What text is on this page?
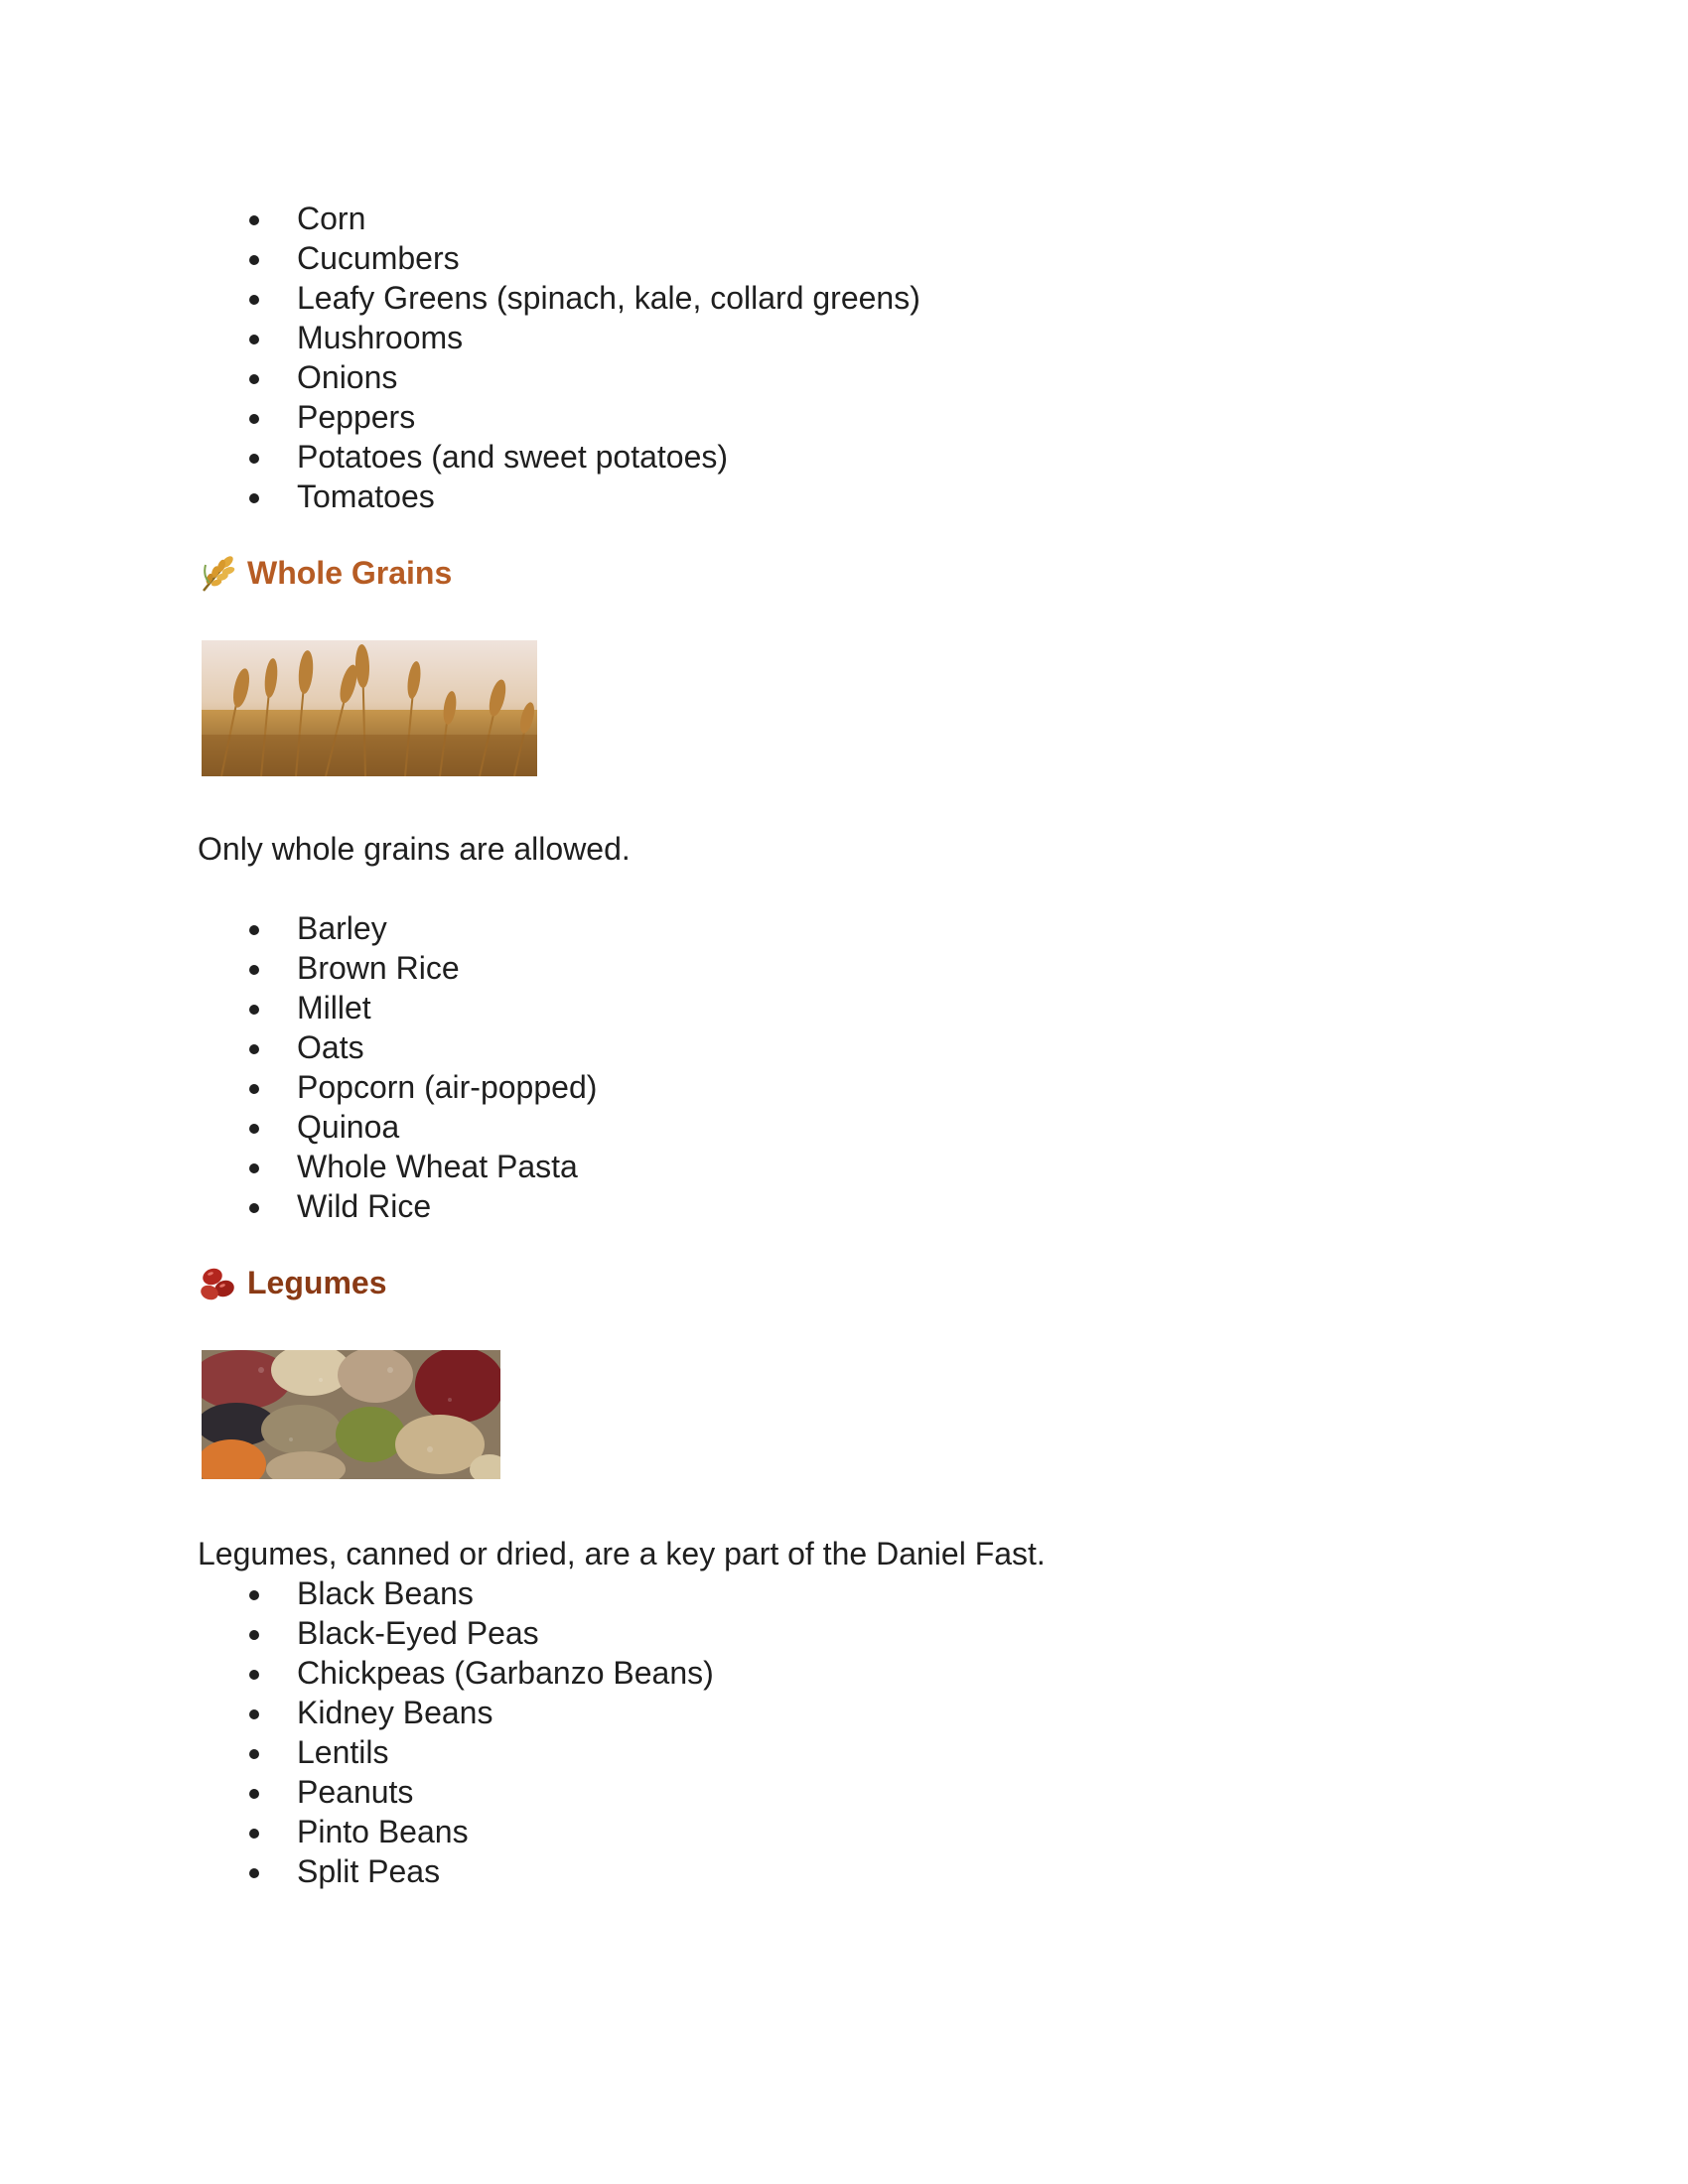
Corn
Cucumbers
Leafy Greens (spinach, kale, collard greens)
Mushrooms
Onions
Peppers
Potatoes (and sweet potatoes)
Tomatoes
Whole Grains
Only whole grains are allowed.
Barley
Brown Rice
Millet
Oats
Popcorn (air-popped)
Quinoa
Whole Wheat Pasta
Wild Rice
Legumes
Legumes, canned or dried, are a key part of the Daniel Fast.
Black Beans
Black-Eyed Peas
Chickpeas (Garbanzo Beans)
Kidney Beans
Lentils
Peanuts
Pinto Beans
Split Peas
